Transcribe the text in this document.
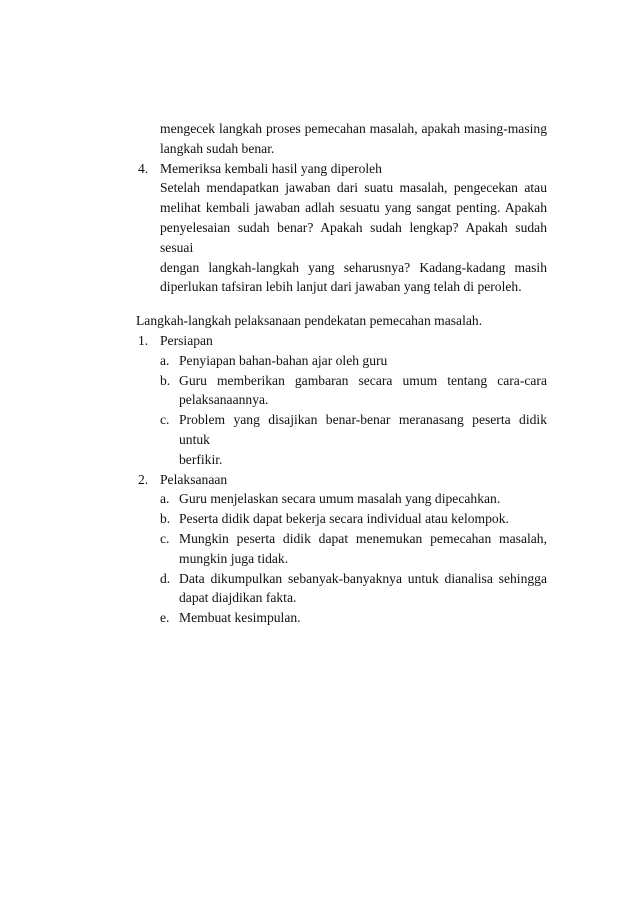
mengecek langkah proses pemecahan masalah, apakah masing-masing
langkah sudah benar.
4. Memeriksa kembali hasil yang diperoleh
Setelah mendapatkan jawaban dari suatu masalah, pengecekan atau
melihat kembali jawaban adlah sesuatu yang sangat penting. Apakah
penyelesaian sudah benar? Apakah sudah lengkap? Apakah sudah sesuai
dengan langkah-langkah yang seharusnya? Kadang-kadang masih
diperlukan tafsiran lebih lanjut dari jawaban yang telah di peroleh.
Langkah-langkah pelaksanaan pendekatan pemecahan masalah.
1. Persiapan
a. Penyiapan bahan-bahan ajar oleh guru
b. Guru memberikan gambaran secara umum tentang cara-cara
pelaksanaannya.
c. Problem yang disajikan benar-benar meranasang peserta didik untuk
berfikir.
2. Pelaksanaan
a. Guru menjelaskan secara umum masalah yang dipecahkan.
b. Peserta didik dapat bekerja secara individual atau kelompok.
c. Mungkin peserta didik dapat menemukan pemecahan masalah,
mungkin juga tidak.
d. Data dikumpulkan sebanyak-banyaknya untuk dianalisa sehingga
dapat diajdikan fakta.
e. Membuat kesimpulan.
